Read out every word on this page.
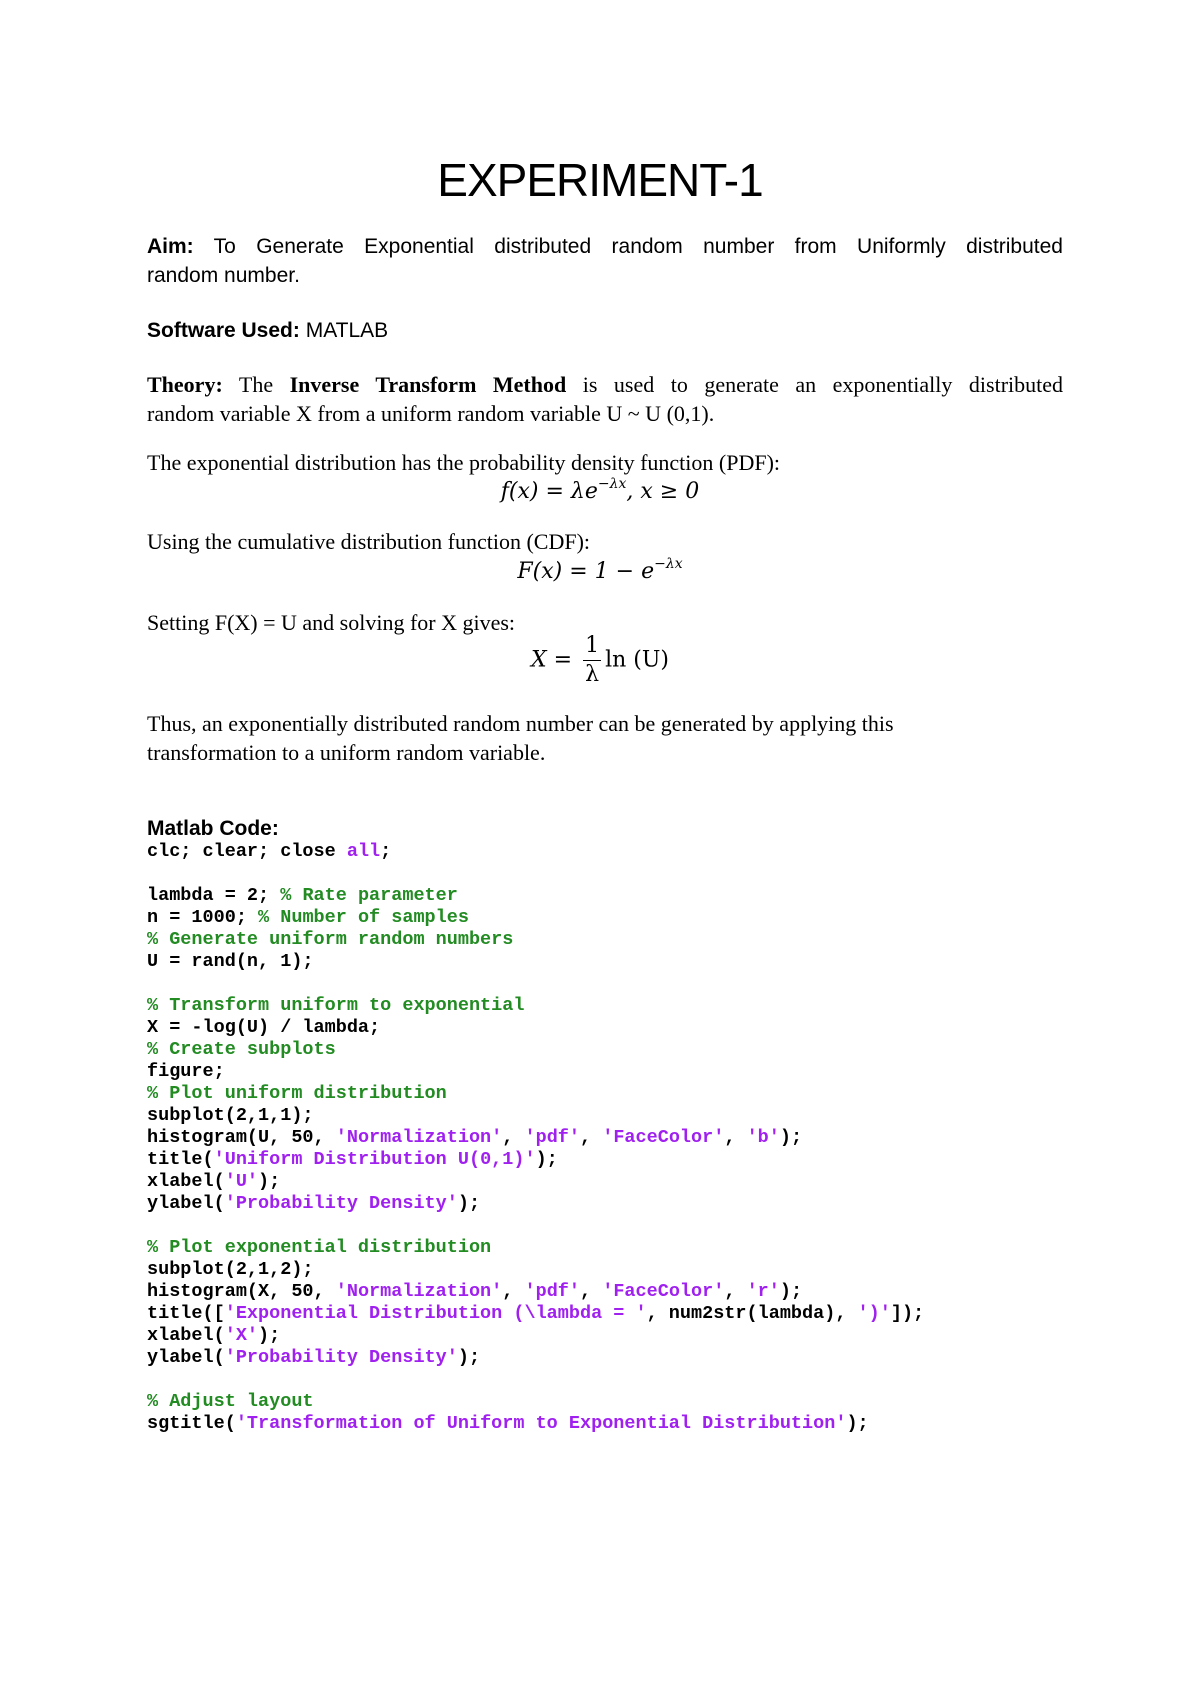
EXPERIMENT-1
Aim: To Generate Exponential distributed random number from Uniformly distributed
random number.
Software Used: MATLAB
Theory: The Inverse Transform Method is used to generate an exponentially distributed
random variable X from a uniform random variable U ~ U (0,1).
The exponential distribution has the probability density function (PDF):
$f(x) = \lambda e^{-\lambda x}$, x ≥ 0
Using the cumulative distribution function (CDF):
$F(x) = 1 - e^{-\lambda x}$
Setting F(X) = U and solving for X gives:
$X = \frac{1}{\lambda}$ ln (U)
Thus, an exponentially distributed random number can be generated by applying this
transformation to a uniform random variable.
Matlab Code:
clc; clear; close all;

lambda = 2; % Rate parameter
n = 1000; % Number of samples
% Generate uniform random numbers
U = rand(n, 1);

% Transform uniform to exponential
X = -log(U) / lambda;
% Create subplots
figure;
% Plot uniform distribution
subplot(2,1,1);
histogram(U, 50, 'Normalization', 'pdf', 'FaceColor', 'b');
title('Uniform Distribution U(0,1)');
xlabel('U');
ylabel('Probability Density');

% Plot exponential distribution
subplot(2,1,2);
histogram(X, 50, 'Normalization', 'pdf', 'FaceColor', 'r');
title(['Exponential Distribution (\lambda = ', num2str(lambda), ')']);
xlabel('X');
ylabel('Probability Density');

% Adjust layout
sgtitle('Transformation of Uniform to Exponential Distribution');
